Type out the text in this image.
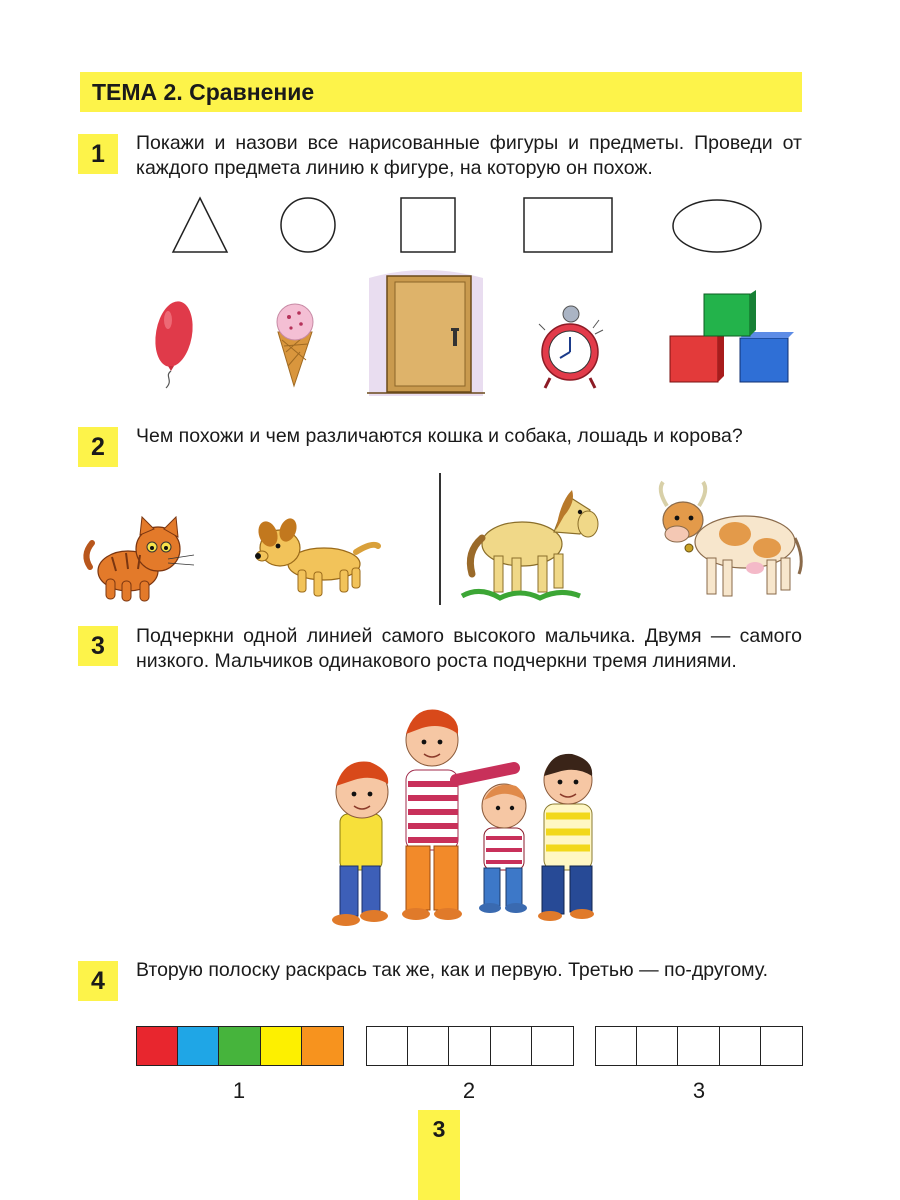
ТЕМА 2. Сравнение
1	Покажи и назови все нарисованные фигуры и предметы. Проведи от каждого предмета линию к фигуре, на которую он похож.
2	Чем похожи и чем различаются кошка и собака, лошадь и корова?
3	Подчеркни одной линией самого высокого мальчика. Двумя — самого низкого. Мальчиков одинакового роста подчеркни тремя линиями.
4	Вторую полоску раскрась так же, как и первую. Третью — по-другому.
1	2	3
3
